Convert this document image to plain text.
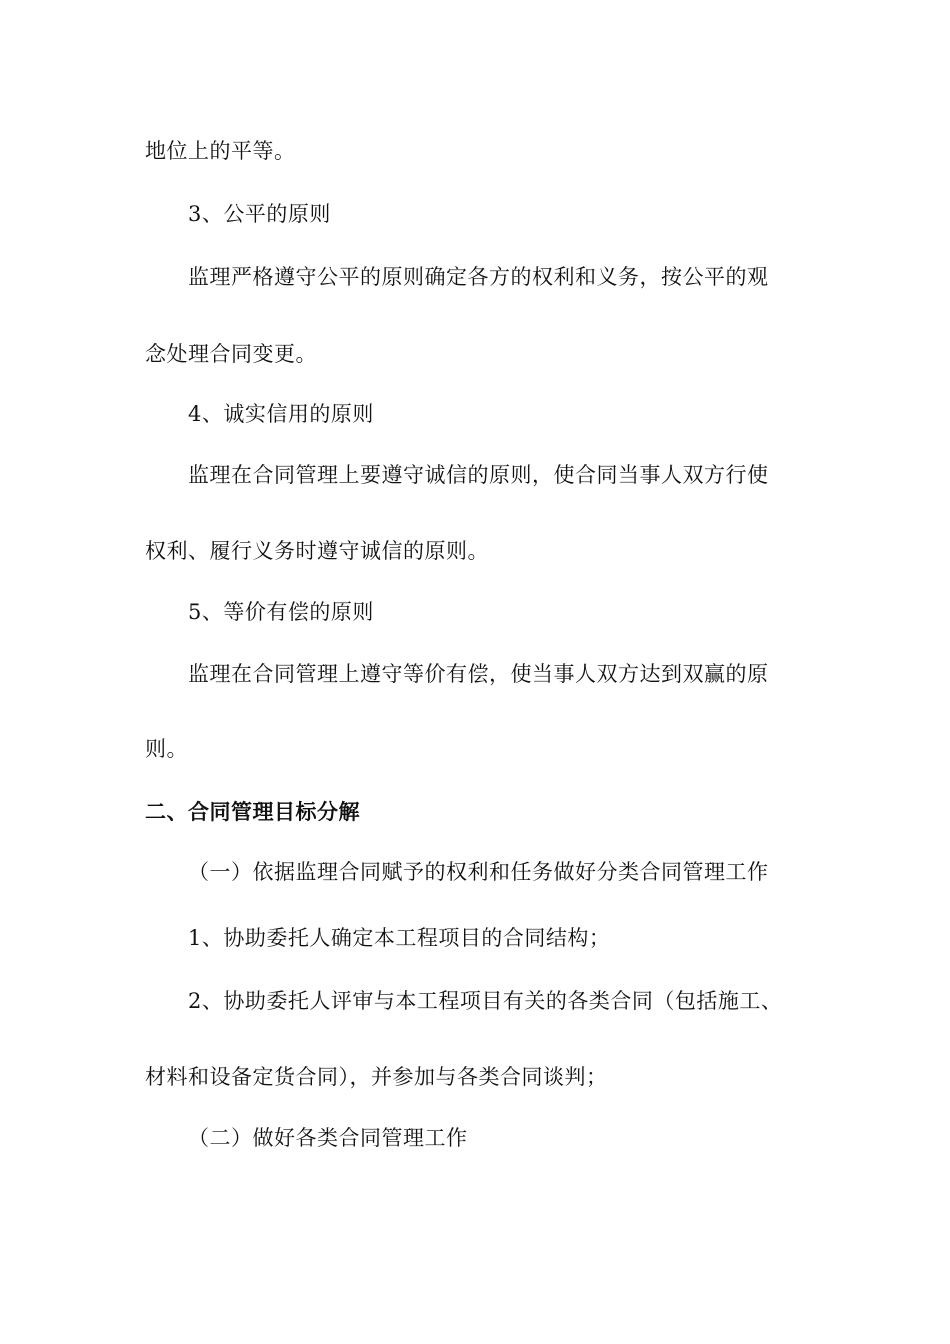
地位上的平等。
3、公平的原则
监理严格遵守公平的原则确定各方的权利和义务，按公平的观
念处理合同变更。
4、诚实信用的原则
监理在合同管理上要遵守诚信的原则，使合同当事人双方行使
权利、履行义务时遵守诚信的原则。
5、等价有偿的原则
监理在合同管理上遵守等价有偿，使当事人双方达到双赢的原
则。
二、合同管理目标分解
（一）依据监理合同赋予的权利和任务做好分类合同管理工作
1、协助委托人确定本工程项目的合同结构；
2、协助委托人评审与本工程项目有关的各类合同（包括施工、
材料和设备定货合同），并参加与各类合同谈判；
（二）做好各类合同管理工作
